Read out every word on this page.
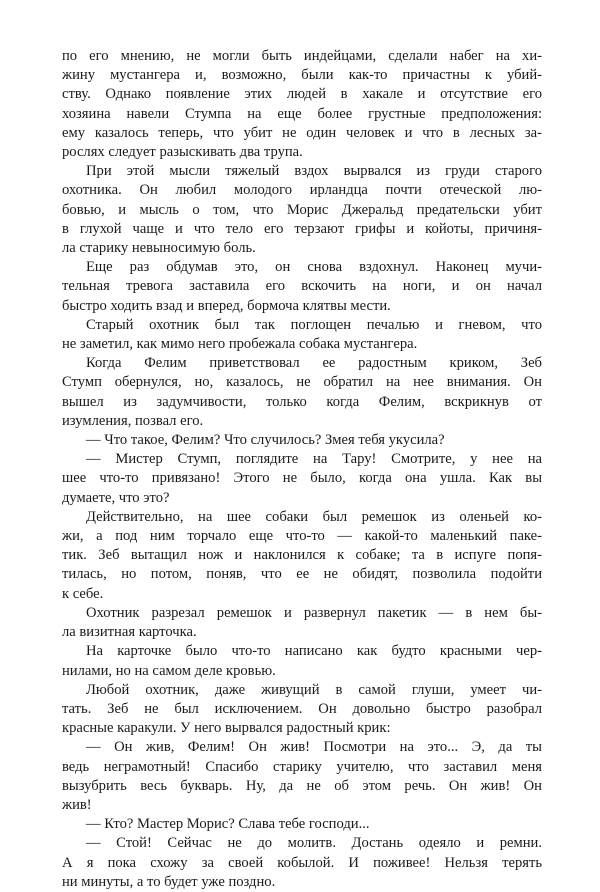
по его мнению, не могли быть индейцами, сделали набег на хи-
жину мустангера и, возможно, были как-то причастны к убий-
ству. Однако появление этих людей в хакале и отсутствие его
хозяина навели Стумпа на еще более грустные предположения:
ему казалось теперь, что убит не один человек и что в лесных за-
рослях следует разыскивать два трупа.

При этой мысли тяжелый вздох вырвался из груди старого
охотника. Он любил молодого ирландца почти отеческой лю-
бовью, и мысль о том, что Морис Джеральд предательски убит
в глухой чаще и что тело его терзают грифы и койоты, причиня-
ла старику невыносимую боль.

Еще раз обдумав это, он снова вздохнул. Наконец мучи-
тельная тревога заставила его вскочить на ноги, и он начал
быстро ходить взад и вперед, бормоча клятвы мести.

Старый охотник был так поглощен печалью и гневом, что
не заметил, как мимо него пробежала собака мустангера.

Когда Фелим приветствовал ее радостным криком, Зеб
Стумп обернулся, но, казалось, не обратил на нее внимания. Он
вышел из задумчивости, только когда Фелим, вскрикнув от
изумления, позвал его.

— Что такое, Фелим? Что случилось? Змея тебя укусила?

— Мистер Стумп, поглядите на Тару! Смотрите, у нее на
шее что-то привязано! Этого не было, когда она ушла. Как вы
думаете, что это?

Действительно, на шее собаки был ремешок из оленьей ко-
жи, а под ним торчало еще что-то — какой-то маленький паке-
тик. Зеб вытащил нож и наклонился к собаке; та в испуге попя-
тилась, но потом, поняв, что ее не обидят, позволила подойти
к себе.

Охотник разрезал ремешок и развернул пакетик — в нем бы-
ла визитная карточка.

На карточке было что-то написано как будто красными чер-
нилами, но на самом деле кровью.

Любой охотник, даже живущий в самой глуши, умеет чи-
тать. Зеб не был исключением. Он довольно быстро разобрал
красные каракули. У него вырвался радостный крик:

— Он жив, Фелим! Он жив! Посмотри на это... Э, да ты
ведь неграмотный! Спасибо старику учителю, что заставил меня
вызубрить весь букварь. Ну, да не об этом речь. Он жив! Он
жив!

— Кто? Мастер Морис? Слава тебе господи...

— Стой! Сейчас не до молитв. Достань одеяло и ремни.
А я пока схожу за своей кобылой. И поживее! Нельзя терять
ни минуты, а то будет уже поздно.
